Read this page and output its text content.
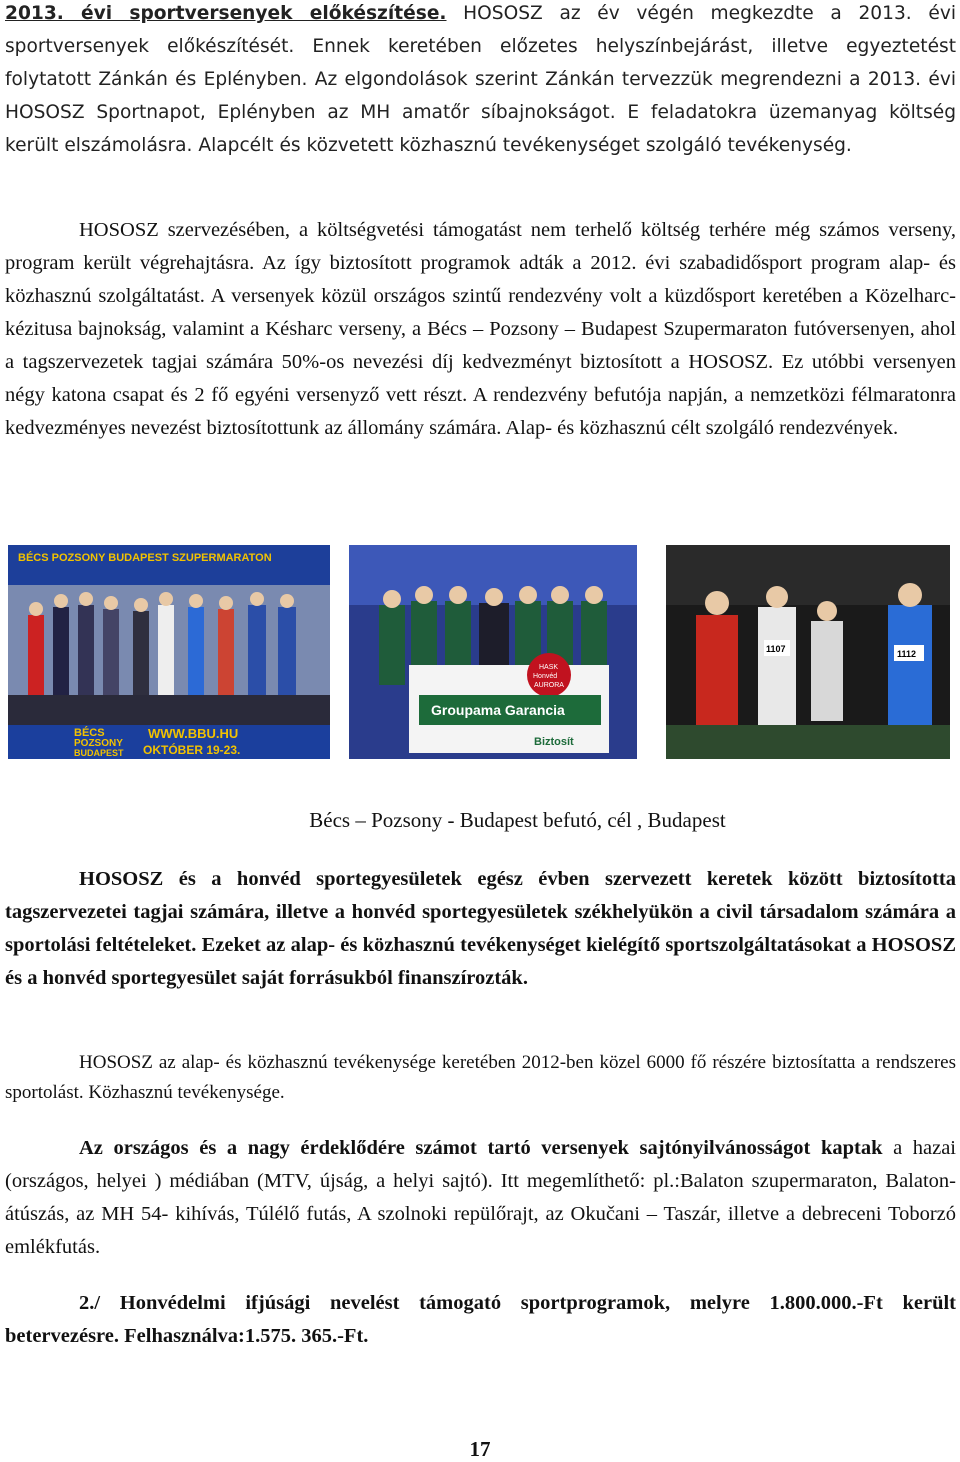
2013. évi sportversenyek előkészítése. HOSOSZ az év végén megkezdte a 2013. évi sportversenyek előkészítését. Ennek keretében előzetes helyszínbejárást, illetve egyeztetést folytatott Zánkán és Eplényben. Az elgondolások szerint Zánkán tervezzük megrendezni a 2013. évi HOSOSZ Sportnapot, Eplényben az MH amatőr síbajnokságot. E feladatokra üzemanyag költség került elszámolásra. Alapcélt és közvetett közhasznú tevékenységet szolgáló tevékenység.

HOSOSZ szervezésében, a költségvetési támogatást nem terhelő költség terhére még számos verseny, program került végrehajtásra. Az így biztosított programok adták a 2012. évi szabadidősport program alap- és közhasznú szolgáltatást. A versenyek közül országos szintű rendezvény volt a küzdősport keretében a Közelharc-kézitusa bajnokság, valamint a Késharc verseny, a Bécs – Pozsony – Budapest Szupermaraton futóversenyen, ahol a tagszervezetek tagjai számára 50%-os nevezési díj kedvezményt biztosított a HOSOSZ. Ez utóbbi versenyen négy katona csapat és 2 fő egyéni versenyző vett részt. A rendezvény befutója napján, a nemzetközi félmaratonra kedvezményes nevezést biztosítottunk az állomány számára. Alap- és közhasznú célt szolgáló rendezvények.

BÉCS POZSONY BUDAPEST SZUPERMARATON
BÉCS
POZSONY
BUDAPEST
WWW.BBU.HU
OKTÓBER 19-23.
HASK
Honvéd
AURORA
Groupama Garancia
Biztosít
1107	1112
Bécs – Pozsony - Budapest befutó, cél , Budapest

HOSOSZ és a honvéd sportegyesületek egész évben szervezett keretek között biztosította tagszervezetei tagjai számára, illetve a honvéd sportegyesületek székhelyükön a civil társadalom számára a sportolási feltételeket. Ezeket az alap- és közhasznú tevékenységet kielégítő sportszolgáltatásokat a HOSOSZ és a honvéd sportegyesület saját forrásukból finanszírozták.

HOSOSZ az alap- és közhasznú tevékenysége keretében 2012-ben közel 6000 fő részére biztosítatta a rendszeres sportolást. Közhasznú tevékenysége.

Az országos és a nagy érdeklődére számot tartó versenyek sajtónyilvánosságot kaptak a hazai (országos, helyei ) médiában (MTV, újság, a helyi sajtó). Itt megemlíthető: pl.:Balaton szupermaraton, Balaton-átúszás, az MH 54- kihívás, Túlélő futás, A szolnoki repülőrajt, az Okučani – Taszár, illetve a debreceni Toborzó emlékfutás.

2./ Honvédelmi ifjúsági nevelést támogató sportprogramok, melyre 1.800.000.-Ft került betervezésre. Felhasználva:1.575. 365.-Ft.

17
